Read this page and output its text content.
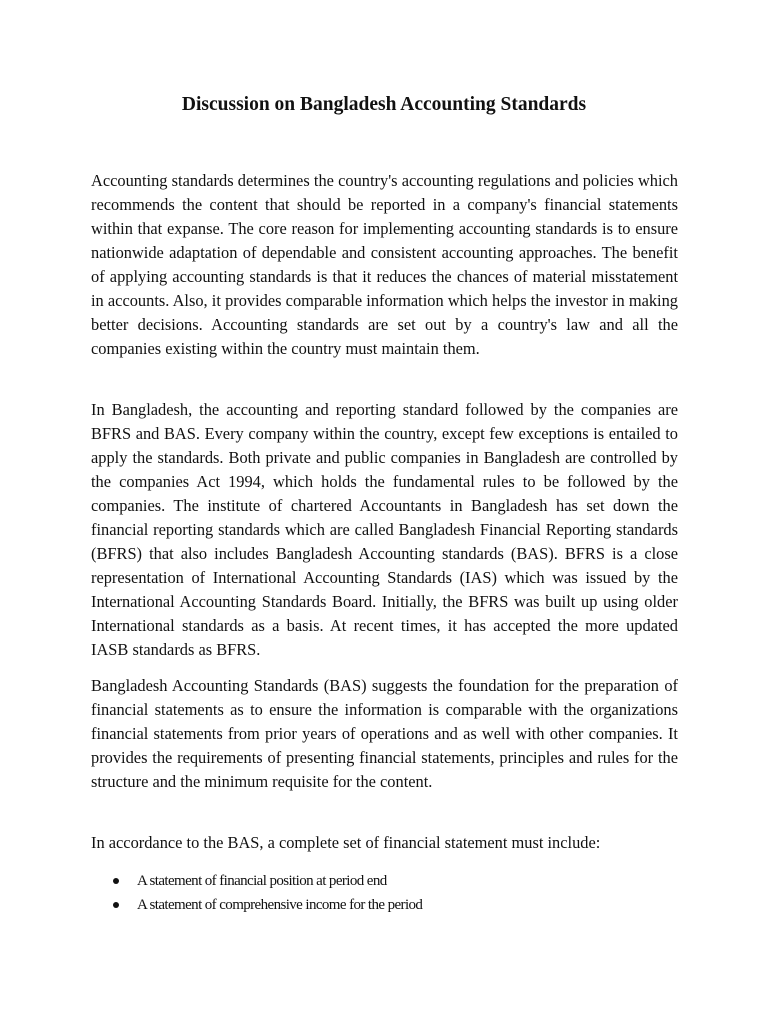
Discussion on Bangladesh Accounting Standards

Accounting standards determines the country's accounting regulations and policies which recommends the content that should be reported in a company's financial statements within that expanse. The core reason for implementing accounting standards is to ensure nationwide adaptation of dependable and consistent accounting approaches. The benefit of applying accounting standards is that it reduces the chances of material misstatement in accounts. Also, it provides comparable information which helps the investor in making better decisions. Accounting standards are set out by a country's law and all the companies existing within the country must maintain them.

In Bangladesh, the accounting and reporting standard followed by the companies are BFRS and BAS. Every company within the country, except few exceptions is entailed to apply the standards. Both private and public companies in Bangladesh are controlled by the companies Act 1994, which holds the fundamental rules to be followed by the companies. The institute of chartered Accountants in Bangladesh has set down the financial reporting standards which are called Bangladesh Financial Reporting standards (BFRS) that also includes Bangladesh Accounting standards (BAS). BFRS is a close representation of International Accounting Standards (IAS) which was issued by the International Accounting Standards Board. Initially, the BFRS was built up using older International standards as a basis. At recent times, it has accepted the more updated IASB standards as BFRS.

Bangladesh Accounting Standards (BAS) suggests the foundation for the preparation of financial statements as to ensure the information is comparable with the organizations financial statements from prior years of operations and as well with other companies. It provides the requirements of presenting financial statements, principles and rules for the structure and the minimum requisite for the content.

In accordance to the BAS, a complete set of financial statement must include:

A statement of financial position at period end
A statement of comprehensive income for the period
